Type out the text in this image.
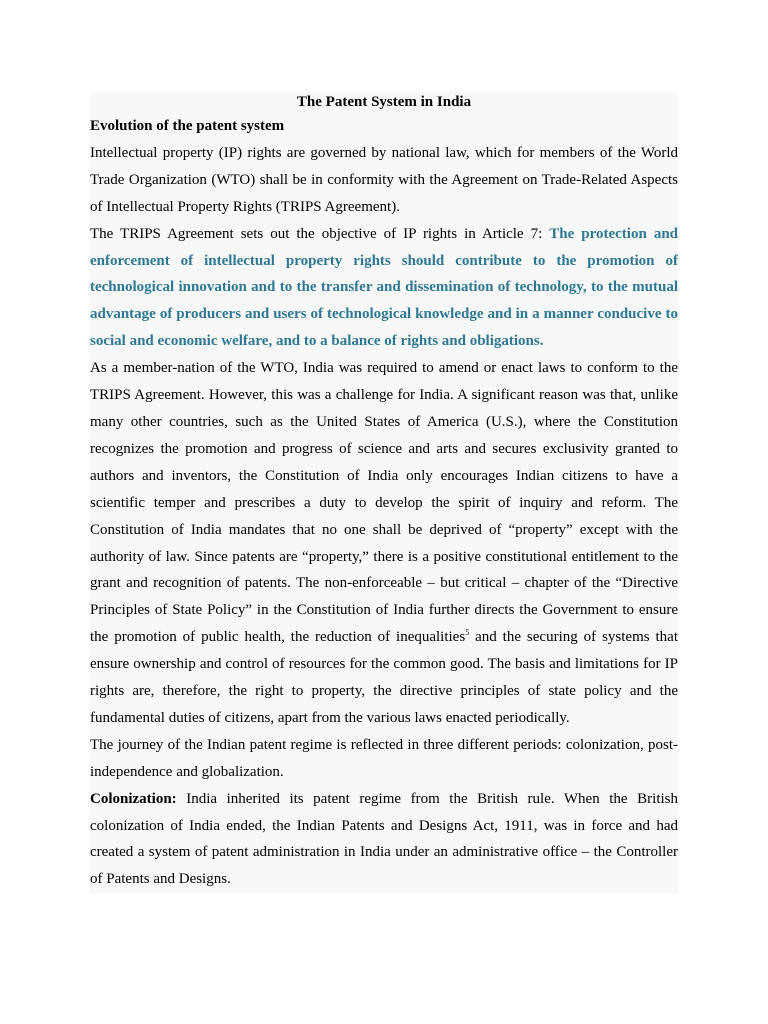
The Patent System in India
Evolution of the patent system

Intellectual property (IP) rights are governed by national law, which for members of the World Trade Organization (WTO) shall be in conformity with the Agreement on Trade-Related Aspects of Intellectual Property Rights (TRIPS Agreement).

The TRIPS Agreement sets out the objective of IP rights in Article 7: The protection and enforcement of intellectual property rights should contribute to the promotion of technological innovation and to the transfer and dissemination of technology, to the mutual advantage of producers and users of technological knowledge and in a manner conducive to social and economic welfare, and to a balance of rights and obligations.

As a member-nation of the WTO, India was required to amend or enact laws to conform to the TRIPS Agreement. However, this was a challenge for India. A significant reason was that, unlike many other countries, such as the United States of America (U.S.), where the Constitution recognizes the promotion and progress of science and arts and secures exclusivity granted to authors and inventors, the Constitution of India only encourages Indian citizens to have a scientific temper and prescribes a duty to develop the spirit of inquiry and reform. The Constitution of India mandates that no one shall be deprived of “property” except with the authority of law. Since patents are “property,” there is a positive constitutional entitlement to the grant and recognition of patents. The non-enforceable – but critical – chapter of the “Directive Principles of State Policy” in the Constitution of India further directs the Government to ensure the promotion of public health, the reduction of inequalities$^5$ and the securing of systems that ensure ownership and control of resources for the common good. The basis and limitations for IP rights are, therefore, the right to property, the directive principles of state policy and the fundamental duties of citizens, apart from the various laws enacted periodically.

The journey of the Indian patent regime is reflected in three different periods: colonization, post-independence and globalization.

Colonization: India inherited its patent regime from the British rule. When the British colonization of India ended, the Indian Patents and Designs Act, 1911, was in force and had created a system of patent administration in India under an administrative office – the Controller of Patents and Designs.
